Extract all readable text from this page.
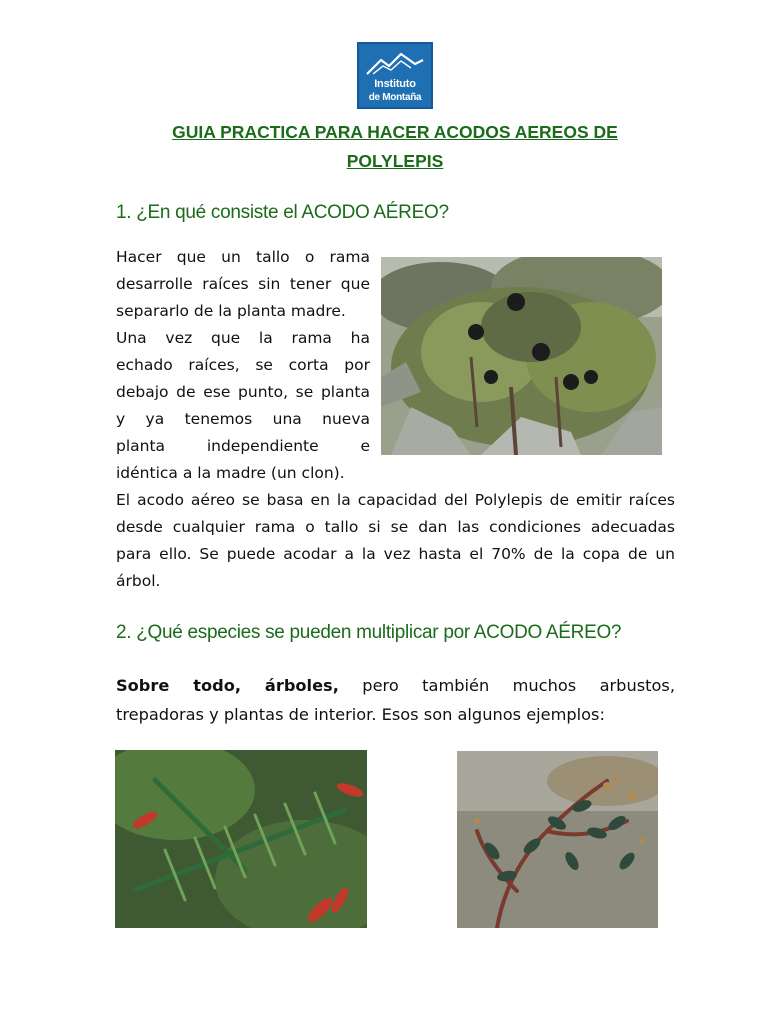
Instituto
de Montaña
GUIA PRACTICA PARA HACER ACODOS AEREOS DE
POLYLEPIS
1. ¿En qué consiste el ACODO AÉREO?
Hacer que un tallo o rama
desarrolle raíces sin tener que
separarlo de la planta madre.
Una vez que la rama ha
echado raíces, se corta por
debajo de ese punto, se planta
y ya tenemos una nueva
planta independiente e
idéntica a la madre (un clon).
El acodo aéreo se basa en la capacidad del Polylepis de emitir raíces
desde cualquier rama o tallo si se dan las condiciones adecuadas
para ello. Se puede acodar a la vez hasta el 70% de la copa de un
árbol.
2. ¿Qué especies se pueden multiplicar por ACODO AÉREO?
Sobre todo, árboles, pero también muchos arbustos,
trepadoras y plantas de interior. Esos son algunos ejemplos:
